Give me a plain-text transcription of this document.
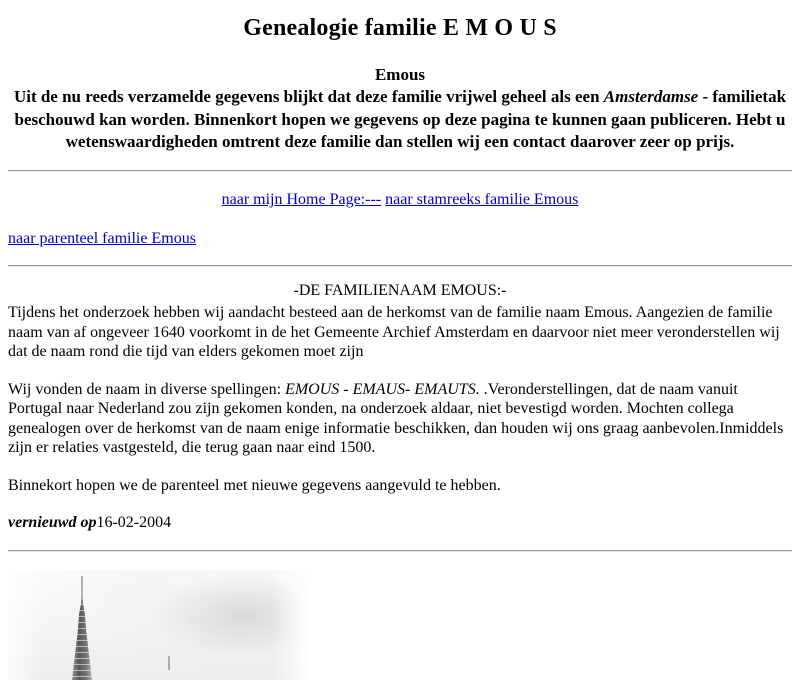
Genealogie familie E M O U S
Emous
Uit de nu reeds verzamelde gegevens blijkt dat deze familie vrijwel geheel als een Amsterdamse - familietak beschouwd kan worden. Binnenkort hopen we gegevens op deze pagina te kunnen gaan publiceren. Hebt u wetenswaardigheden omtrent deze familie dan stellen wij een contact daarover zeer op prijs.
naar mijn Home Page:--- naar stamreeks familie Emous
naar parenteel familie Emous
-DE FAMILIENAAM EMOUS:-

Tijdens het onderzoek hebben wij aandacht besteed aan de herkomst van de familie naam Emous. Aangezien de familie naam van af ongeveer 1640 voorkomt in de het Gemeente Archief Amsterdam en daarvoor niet meer veronderstellen wij dat de naam rond die tijd van elders gekomen moet zijn

Wij vonden de naam in diverse spellingen: EMOUS - EMAUS- EMAUTS. .Veronderstellingen, dat de naam vanuit Portugal naar Nederland zou zijn gekomen konden, na onderzoek aldaar, niet bevestigd worden. Mochten collega genealogen over de herkomst van de naam enige informatie beschikken, dan houden wij ons graag aanbevolen.Inmiddels zijn er relaties vastgesteld, die terug gaan naar eind 1500.

Binnekort hopen we de parenteel met nieuwe gegevens aangevuld te hebben.

vernieuwd op16-02-2004
